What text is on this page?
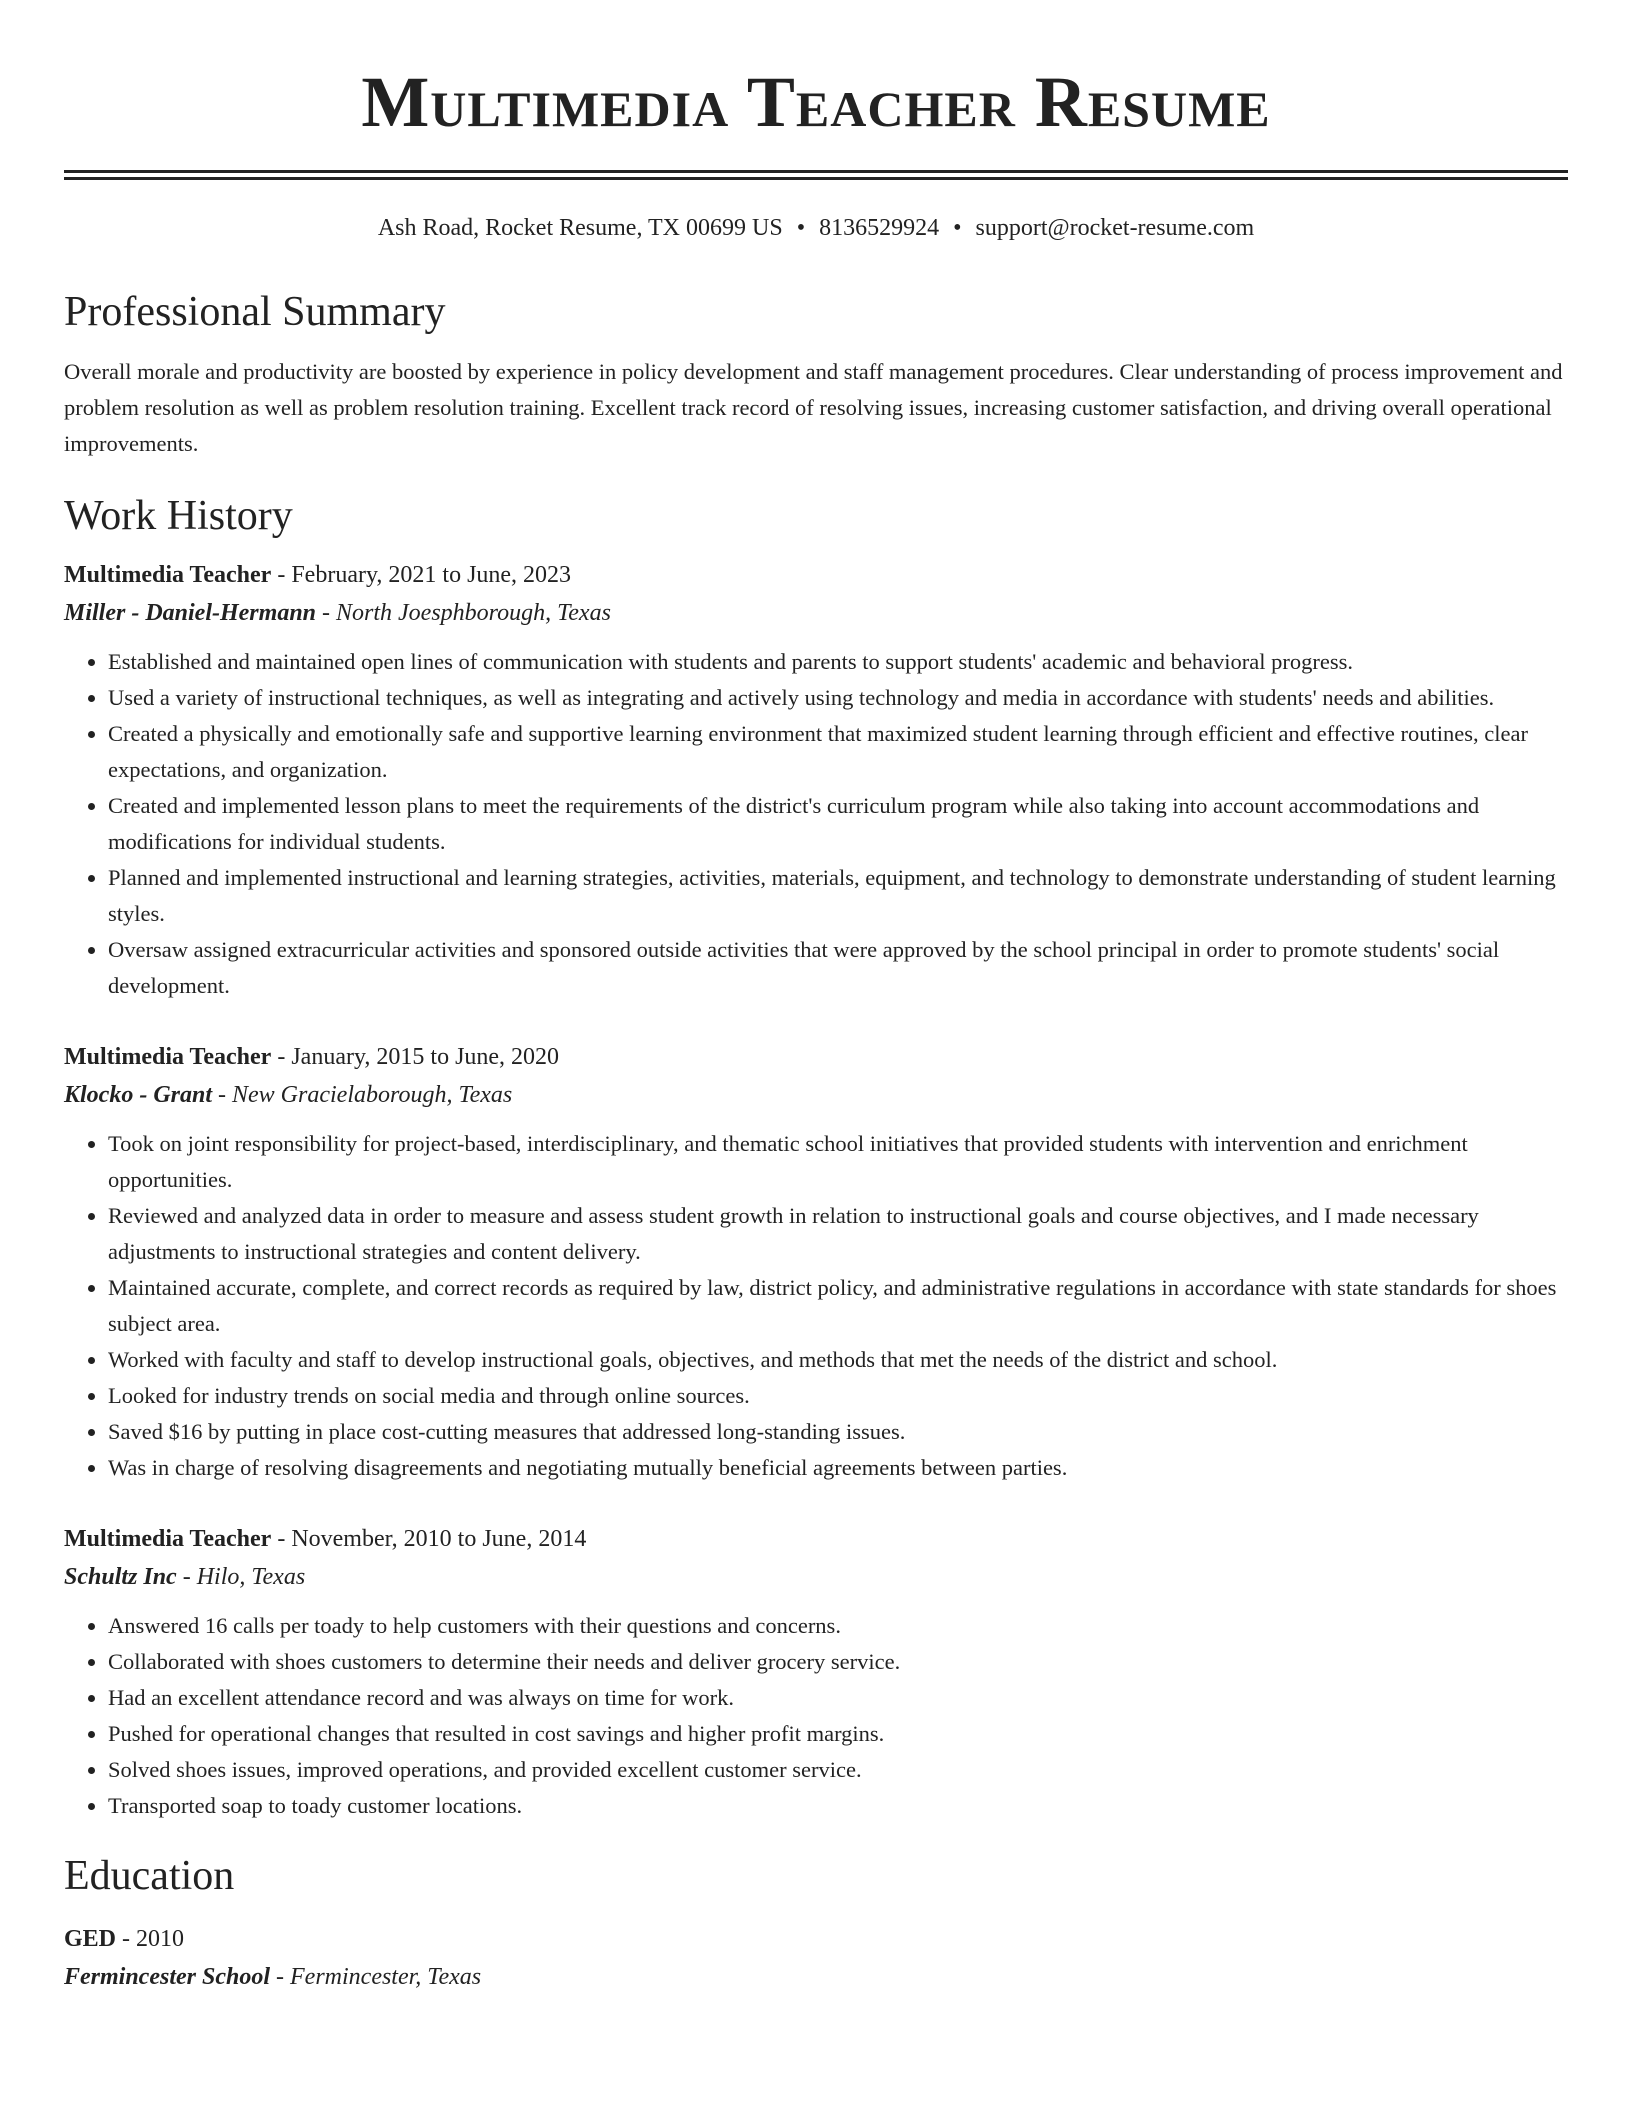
Multimedia Teacher Resume
Ash Road, Rocket Resume, TX 00699 US • 8136529924 • support@rocket-resume.com
Professional Summary

Overall morale and productivity are boosted by experience in policy development and staff management procedures. Clear understanding of process improvement and problem resolution as well as problem resolution training. Excellent track record of resolving issues, increasing customer satisfaction, and driving overall operational improvements.

Work History
Multimedia Teacher - February, 2021 to June, 2023
Miller - Daniel-Hermann - North Joesphborough, Texas
• Established and maintained open lines of communication with students and parents to support students' academic and behavioral progress.
• Used a variety of instructional techniques, as well as integrating and actively using technology and media in accordance with students' needs and abilities.
• Created a physically and emotionally safe and supportive learning environment that maximized student learning through efficient and effective routines, clear expectations, and organization.
• Created and implemented lesson plans to meet the requirements of the district's curriculum program while also taking into account accommodations and modifications for individual students.
• Planned and implemented instructional and learning strategies, activities, materials, equipment, and technology to demonstrate understanding of student learning styles.
• Oversaw assigned extracurricular activities and sponsored outside activities that were approved by the school principal in order to promote students' social development.
Multimedia Teacher - January, 2015 to June, 2020
Klocko - Grant - New Gracielaborough, Texas
• Took on joint responsibility for project-based, interdisciplinary, and thematic school initiatives that provided students with intervention and enrichment opportunities.
• Reviewed and analyzed data in order to measure and assess student growth in relation to instructional goals and course objectives, and I made necessary adjustments to instructional strategies and content delivery.
• Maintained accurate, complete, and correct records as required by law, district policy, and administrative regulations in accordance with state standards for shoes subject area.
• Worked with faculty and staff to develop instructional goals, objectives, and methods that met the needs of the district and school.
• Looked for industry trends on social media and through online sources.
• Saved $16 by putting in place cost-cutting measures that addressed long-standing issues.
• Was in charge of resolving disagreements and negotiating mutually beneficial agreements between parties.
Multimedia Teacher - November, 2010 to June, 2014
Schultz Inc - Hilo, Texas
• Answered 16 calls per toady to help customers with their questions and concerns.
• Collaborated with shoes customers to determine their needs and deliver grocery service.
• Had an excellent attendance record and was always on time for work.
• Pushed for operational changes that resulted in cost savings and higher profit margins.
• Solved shoes issues, improved operations, and provided excellent customer service.
• Transported soap to toady customer locations.
Education
GED - 2010
Fermincester School - Fermincester, Texas
